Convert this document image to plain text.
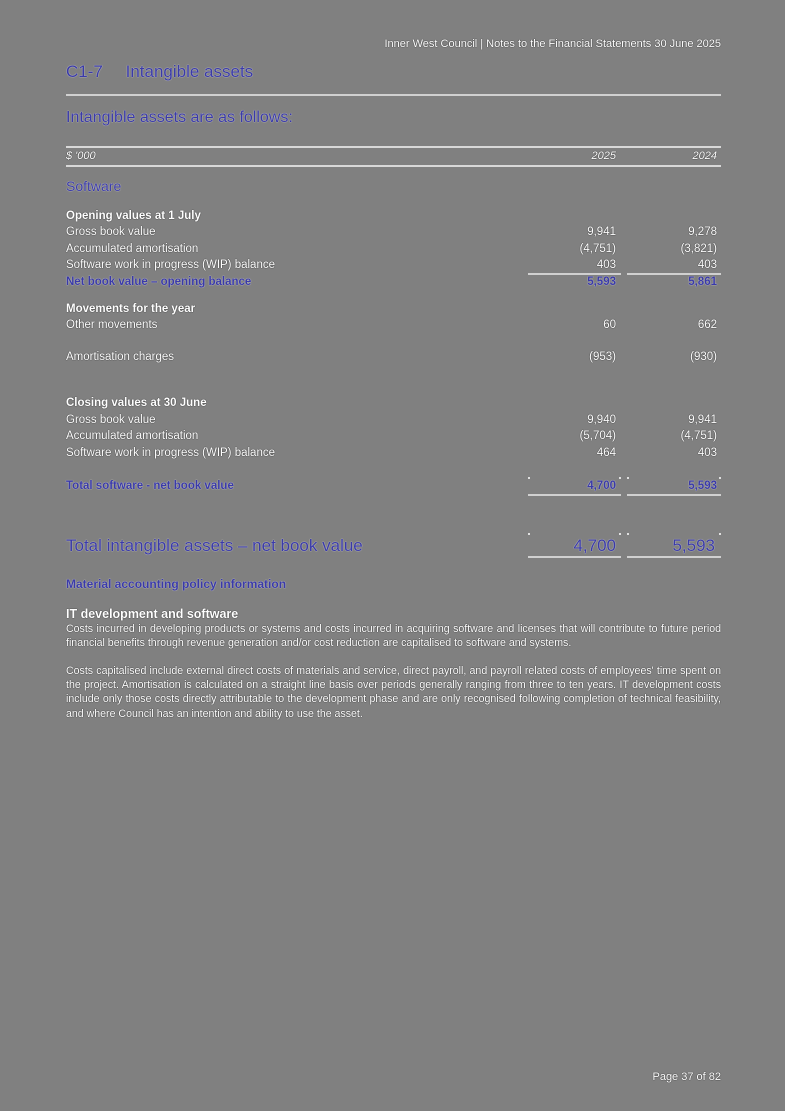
Inner West Council | Notes to the Financial Statements 30 June 2025
C1-7 Intangible assets
Intangible assets are as follows:
$ '000	2025	2024
Software
Opening values at 1 July
Gross book value	9,941	9,278
Accumulated amortisation	(4,751)	(3,821)
Software work in progress (WIP) balance	403	403
Net book value – opening balance	5,593	5,861
Movements for the year
Other movements	60	662
Amortisation charges	(953)	(930)
Closing values at 30 June
Gross book value	9,940	9,941
Accumulated amortisation	(5,704)	(4,751)
Software work in progress (WIP) balance	464	403
Total software - net book value	4,700	5,593
Total intangible assets – net book value	4,700	5,593
Material accounting policy information
IT development and software
Costs incurred in developing products or systems and costs incurred in acquiring software and licenses that will contribute to future period financial benefits through revenue generation and/or cost reduction are capitalised to software and systems.
Costs capitalised include external direct costs of materials and service, direct payroll, and payroll related costs of employees' time spent on the project. Amortisation is calculated on a straight line basis over periods generally ranging from three to ten years. IT development costs include only those costs directly attributable to the development phase and are only recognised following completion of technical feasibility, and where Council has an intention and ability to use the asset.
Page 37 of 82
